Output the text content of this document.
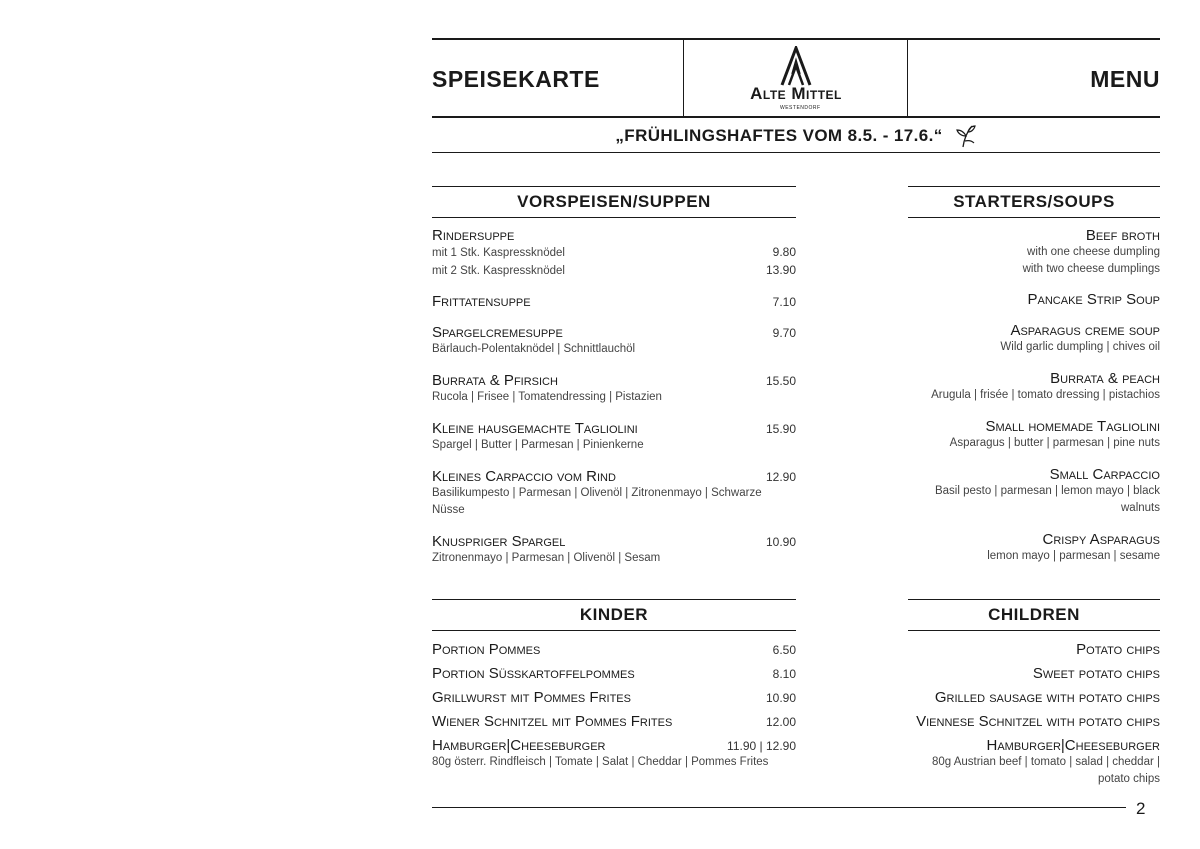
SPEISEKARTE
Alte Mittel
WESTENDORF
MENU
„FRÜHLINGSHAFTES VOM 8.5. - 17.6.“
VORSPEISEN/SUPPEN
Rindersuppe
mit 1 Stk. Kaspressknödel	9.80
mit 2 Stk. Kaspressknödel	13.90
Frittatensuppe	7.10
Spargelcremesuppe	9.70
Bärlauch-Polentaknödel | Schnittlauchöl
Burrata & Pfirsich	15.50
Rucola | Frisee | Tomatendressing | Pistazien
Kleine hausgemachte Tagliolini	15.90
Spargel | Butter | Parmesan | Pinienkerne
Kleines Carpaccio vom Rind	12.90
Basilikumpesto | Parmesan | Olivenöl | Zitronenmayo | Schwarze Nüsse
Knuspriger Spargel	10.90
Zitronenmayo | Parmesan | Olivenöl | Sesam
STARTERS/SOUPS
Beef broth
with one cheese dumpling
with two cheese dumplings
Pancake Strip Soup
Asparagus creme soup
Wild garlic dumpling | chives oil
Burrata & peach
Arugula | frisée | tomato dressing | pistachios
Small homemade Tagliolini
Asparagus | butter | parmesan | pine nuts
Small Carpaccio
Basil pesto | parmesan | lemon mayo | black walnuts
Crispy Asparagus
lemon mayo | parmesan | sesame
KINDER
Portion Pommes	6.50
Portion Süsskartoffelpommes	8.10
Grillwurst mit Pommes Frites	10.90
Wiener Schnitzel mit Pommes Frites	12.00
Hamburger|Cheeseburger	11.90 | 12.90
80g österr. Rindfleisch | Tomate | Salat | Cheddar | Pommes Frites
CHILDREN
Potato chips
Sweet potato chips
Grilled sausage with potato chips
Viennese Schnitzel with potato chips
Hamburger|Cheeseburger
80g Austrian beef | tomato | salad | cheddar | potato chips
2
